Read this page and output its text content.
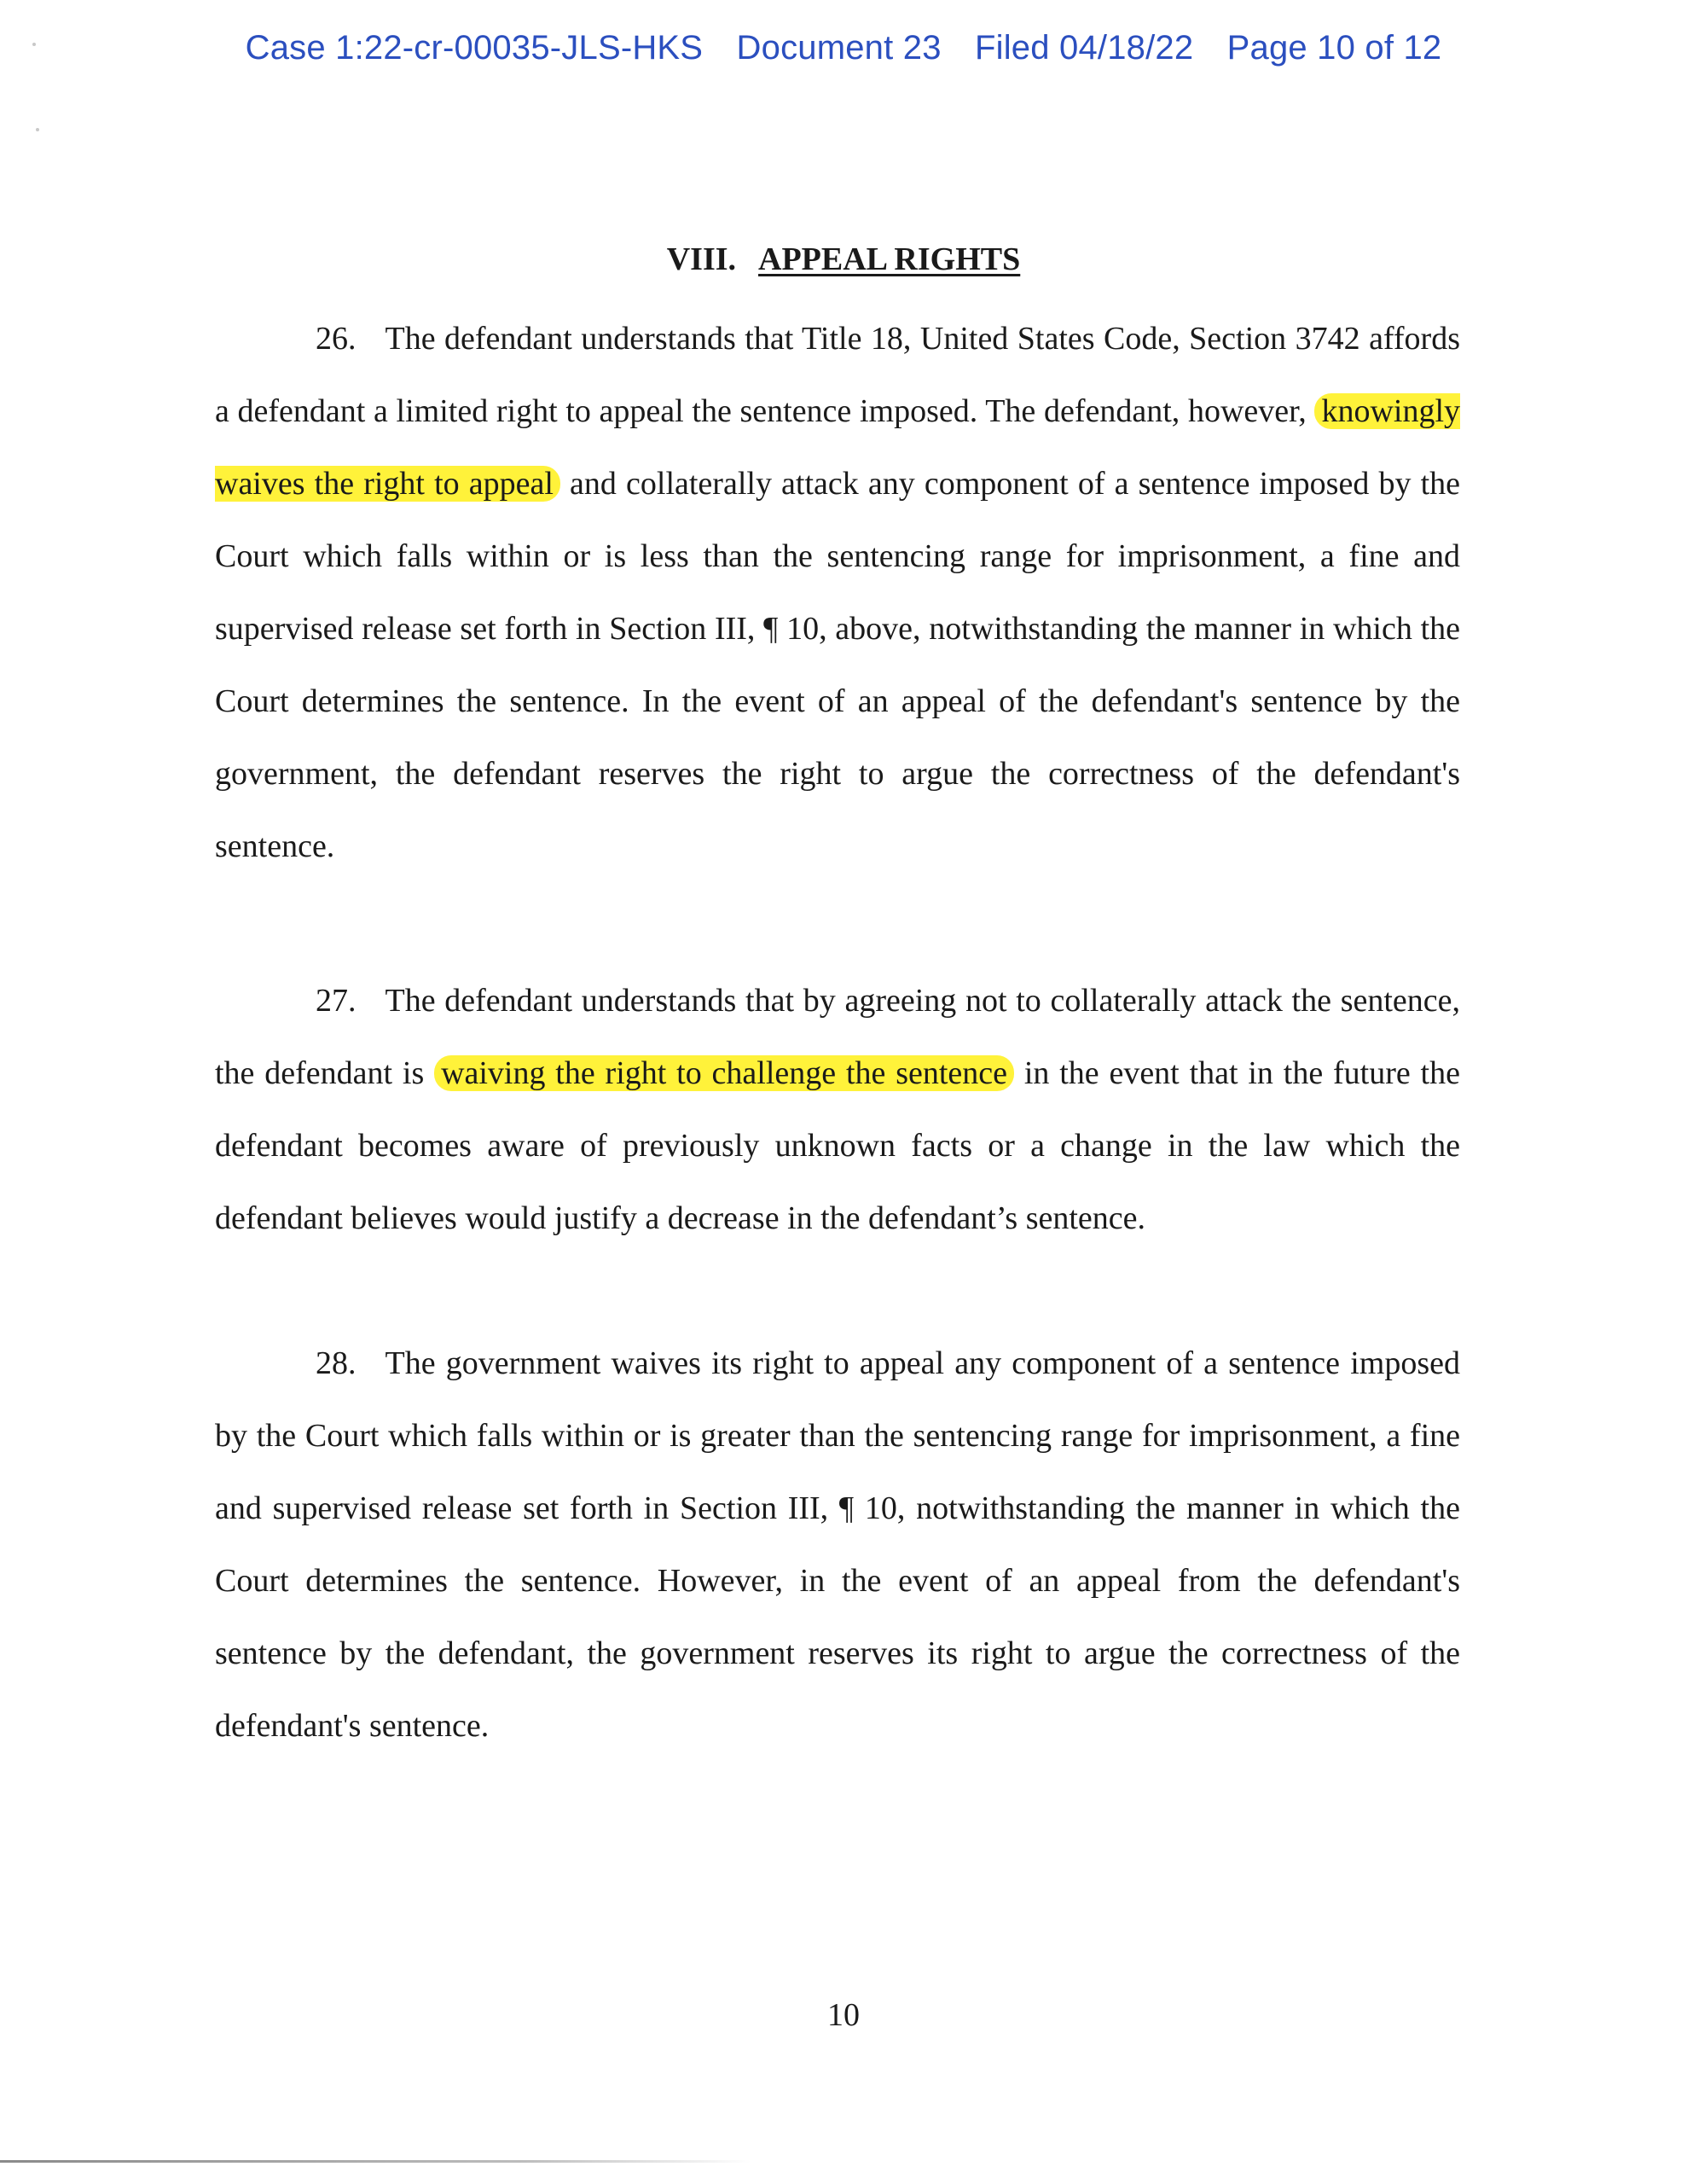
Case 1:22-cr-00035-JLS-HKS Document 23 Filed 04/18/22 Page 10 of 12
VIII. APPEAL RIGHTS

26. The defendant understands that Title 18, United States Code, Section 3742 affords a defendant a limited right to appeal the sentence imposed. The defendant, however, knowingly waives the right to appeal and collaterally attack any component of a sentence imposed by the Court which falls within or is less than the sentencing range for imprisonment, a fine and supervised release set forth in Section III, ¶ 10, above, notwithstanding the manner in which the Court determines the sentence. In the event of an appeal of the defendant's sentence by the government, the defendant reserves the right to argue the correctness of the defendant's sentence.

27. The defendant understands that by agreeing not to collaterally attack the sentence, the defendant is waiving the right to challenge the sentence in the event that in the future the defendant becomes aware of previously unknown facts or a change in the law which the defendant believes would justify a decrease in the defendant’s sentence.

28. The government waives its right to appeal any component of a sentence imposed by the Court which falls within or is greater than the sentencing range for imprisonment, a fine and supervised release set forth in Section III, ¶ 10, notwithstanding the manner in which the Court determines the sentence. However, in the event of an appeal from the defendant's sentence by the defendant, the government reserves its right to argue the correctness of the defendant's sentence.

10
